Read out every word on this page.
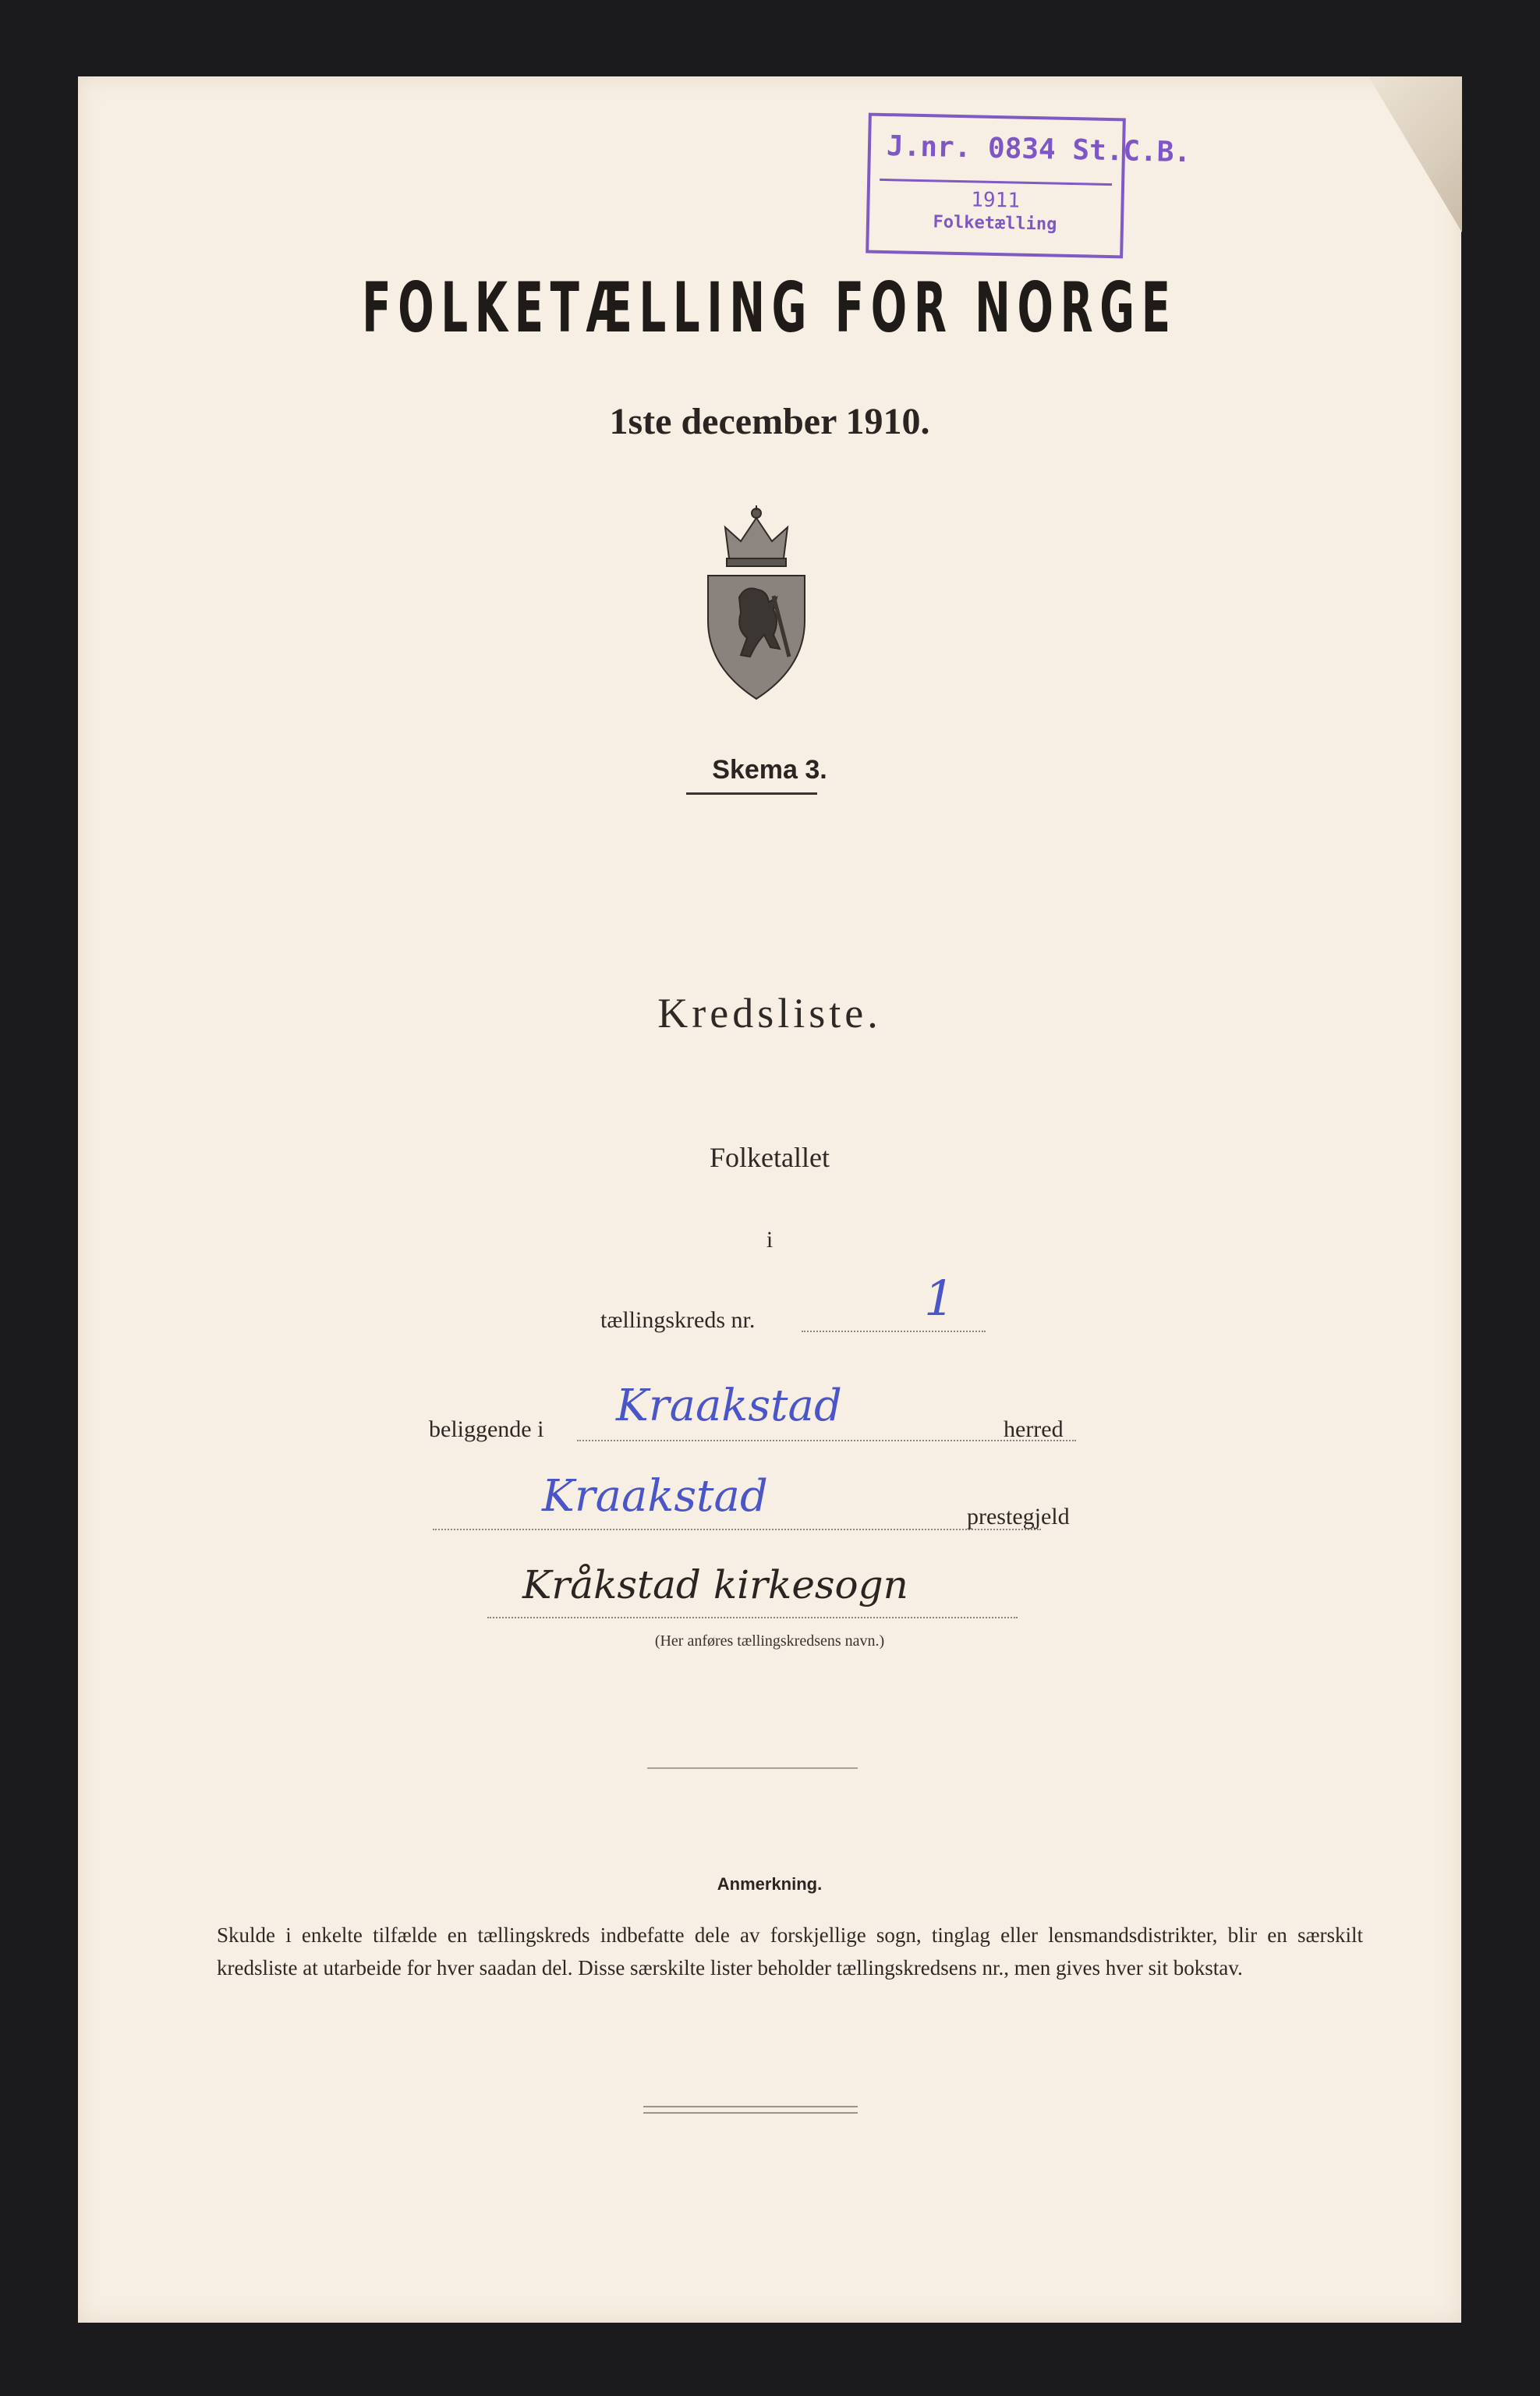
FOLKETÆLLING FOR NORGE

1ste december 1910.

Skema 3.

Kredsliste.

Folketallet

i

tællingskreds nr.	1

beliggende i Kraakstad	herred

Kraakstad	prestegjeld

Kråkstad kirkesogn

(Her anføres tællingskredsens navn.)

Anmerkning.

Skulde i enkelte tilfælde en tællingskreds indbefatte dele av forskjellige sogn, tinglag eller lensmandsdistrikter, blir en særskilt kredsliste at utarbeide for hver saadan del. Disse særskilte lister beholder tællingskredsens nr., men gives hver sit bokstav.

J.nr. 0834 St.C.B.
1911
Folketælling
